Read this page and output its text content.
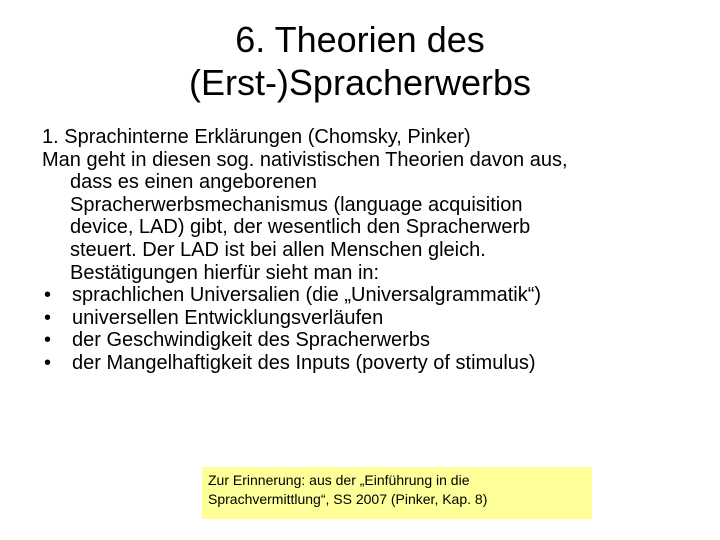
6. Theorien des
(Erst-)Spracherwerbs
1. Sprachinterne Erklärungen (Chomsky, Pinker)
Man geht in diesen sog. nativistischen Theorien davon aus,
dass es einen angeborenen
Spracherwerbsmechanismus (language acquisition
device, LAD) gibt, der wesentlich den Spracherwerb
steuert. Der LAD ist bei allen Menschen gleich.
Bestätigungen hierfür sieht man in:
• sprachlichen Universalien (die „Universalgrammatik“)
• universellen Entwicklungsverläufen
• der Geschwindigkeit des Spracherwerbs
• der Mangelhaftigkeit des Inputs (poverty of stimulus)
Zur Erinnerung: aus der „Einführung in die
Sprachvermittlung“, SS 2007 (Pinker, Kap. 8)
